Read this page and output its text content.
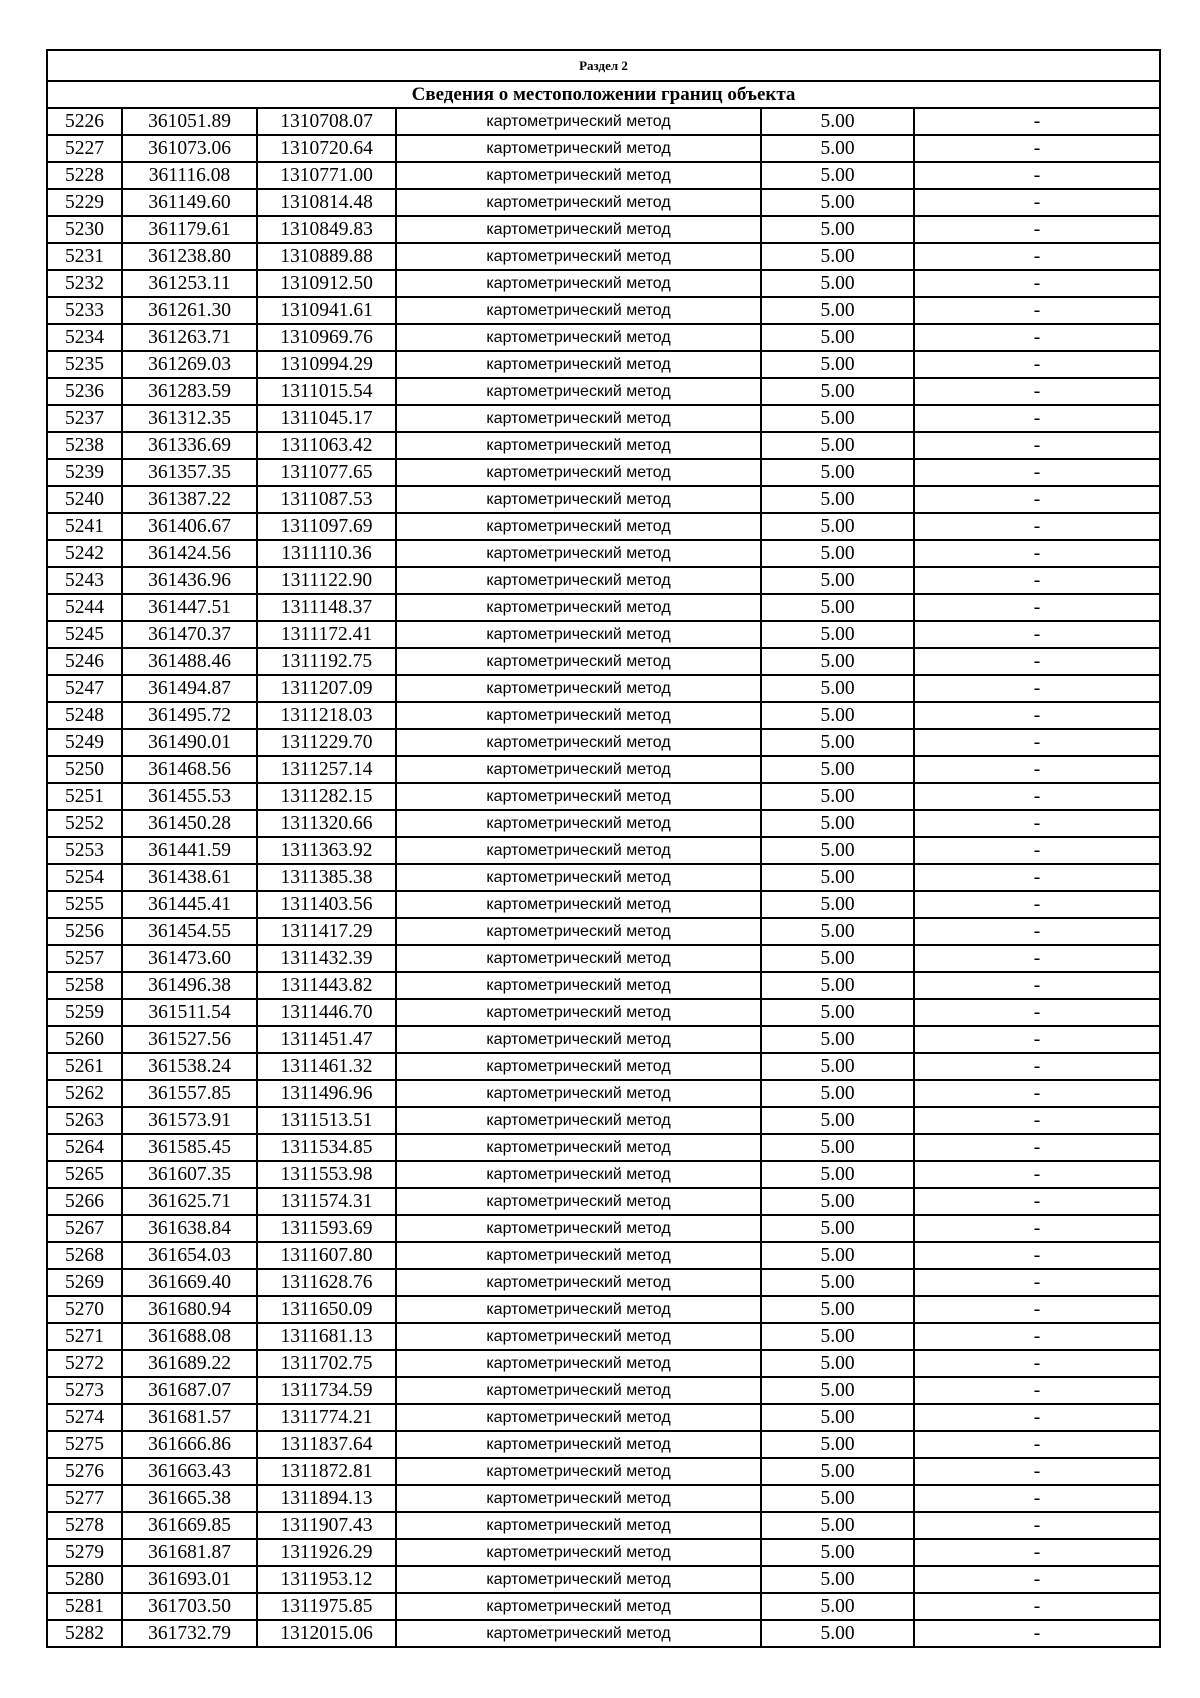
Раздел 2					
Сведения о местоположении границ объекта					
5226	361051.89	1310708.07	картометрический метод	5.00	-
5227	361073.06	1310720.64	картометрический метод	5.00	-
5228	361116.08	1310771.00	картометрический метод	5.00	-
5229	361149.60	1310814.48	картометрический метод	5.00	-
5230	361179.61	1310849.83	картометрический метод	5.00	-
5231	361238.80	1310889.88	картометрический метод	5.00	-
5232	361253.11	1310912.50	картометрический метод	5.00	-
5233	361261.30	1310941.61	картометрический метод	5.00	-
5234	361263.71	1310969.76	картометрический метод	5.00	-
5235	361269.03	1310994.29	картометрический метод	5.00	-
5236	361283.59	1311015.54	картометрический метод	5.00	-
5237	361312.35	1311045.17	картометрический метод	5.00	-
5238	361336.69	1311063.42	картометрический метод	5.00	-
5239	361357.35	1311077.65	картометрический метод	5.00	-
5240	361387.22	1311087.53	картометрический метод	5.00	-
5241	361406.67	1311097.69	картометрический метод	5.00	-
5242	361424.56	1311110.36	картометрический метод	5.00	-
5243	361436.96	1311122.90	картометрический метод	5.00	-
5244	361447.51	1311148.37	картометрический метод	5.00	-
5245	361470.37	1311172.41	картометрический метод	5.00	-
5246	361488.46	1311192.75	картометрический метод	5.00	-
5247	361494.87	1311207.09	картометрический метод	5.00	-
5248	361495.72	1311218.03	картометрический метод	5.00	-
5249	361490.01	1311229.70	картометрический метод	5.00	-
5250	361468.56	1311257.14	картометрический метод	5.00	-
5251	361455.53	1311282.15	картометрический метод	5.00	-
5252	361450.28	1311320.66	картометрический метод	5.00	-
5253	361441.59	1311363.92	картометрический метод	5.00	-
5254	361438.61	1311385.38	картометрический метод	5.00	-
5255	361445.41	1311403.56	картометрический метод	5.00	-
5256	361454.55	1311417.29	картометрический метод	5.00	-
5257	361473.60	1311432.39	картометрический метод	5.00	-
5258	361496.38	1311443.82	картометрический метод	5.00	-
5259	361511.54	1311446.70	картометрический метод	5.00	-
5260	361527.56	1311451.47	картометрический метод	5.00	-
5261	361538.24	1311461.32	картометрический метод	5.00	-
5262	361557.85	1311496.96	картометрический метод	5.00	-
5263	361573.91	1311513.51	картометрический метод	5.00	-
5264	361585.45	1311534.85	картометрический метод	5.00	-
5265	361607.35	1311553.98	картометрический метод	5.00	-
5266	361625.71	1311574.31	картометрический метод	5.00	-
5267	361638.84	1311593.69	картометрический метод	5.00	-
5268	361654.03	1311607.80	картометрический метод	5.00	-
5269	361669.40	1311628.76	картометрический метод	5.00	-
5270	361680.94	1311650.09	картометрический метод	5.00	-
5271	361688.08	1311681.13	картометрический метод	5.00	-
5272	361689.22	1311702.75	картометрический метод	5.00	-
5273	361687.07	1311734.59	картометрический метод	5.00	-
5274	361681.57	1311774.21	картометрический метод	5.00	-
5275	361666.86	1311837.64	картометрический метод	5.00	-
5276	361663.43	1311872.81	картометрический метод	5.00	-
5277	361665.38	1311894.13	картометрический метод	5.00	-
5278	361669.85	1311907.43	картометрический метод	5.00	-
5279	361681.87	1311926.29	картометрический метод	5.00	-
5280	361693.01	1311953.12	картометрический метод	5.00	-
5281	361703.50	1311975.85	картометрический метод	5.00	-
5282	361732.79	1312015.06	картометрический метод	5.00	-
